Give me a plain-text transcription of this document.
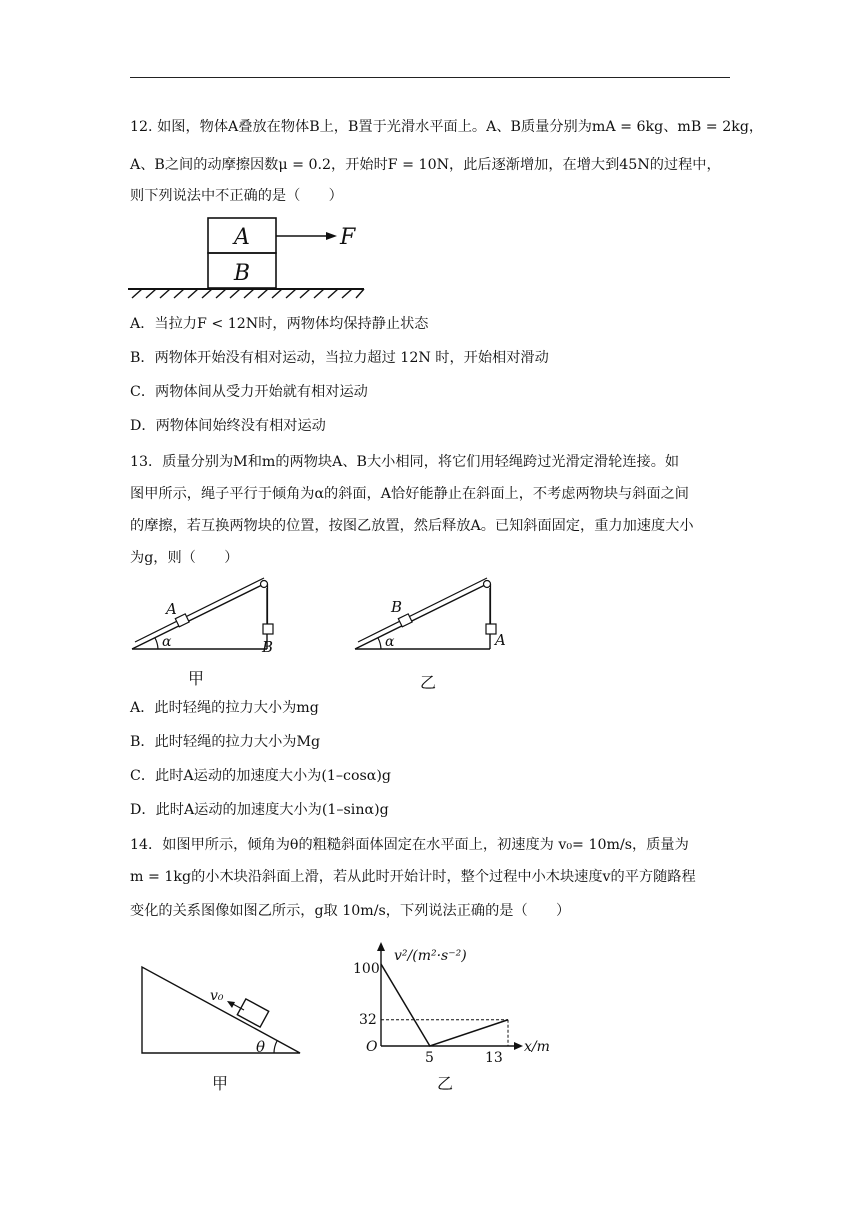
12. 如图，物体A叠放在物体B上，B置于光滑水平面上。A、B质量分别为mA = 6kg、mB = 2kg，
A、B之间的动摩擦因数μ = 0.2，开始时F = 10N，此后逐渐增加，在增大到45N的过程中，
则下列说法中不正确的是（　　）
A
B
F
A．当拉力F < 12N时，两物体均保持静止状态
B．两物体开始没有相对运动，当拉力超过 12N 时，开始相对滑动
C．两物体间从受力开始就有相对运动
D．两物体间始终没有相对运动
13．质量分别为M和m的两物块A、B大小相同，将它们用轻绳跨过光滑定滑轮连接。如
图甲所示，绳子平行于倾角为α的斜面，A恰好能静止在斜面上，不考虑两物块与斜面之间
的摩擦，若互换两物块的位置，按图乙放置，然后释放A。已知斜面固定，重力加速度大小
为g，则（　　）
A
B
α
甲
B
A
α
乙
A．此时轻绳的拉力大小为mg
B．此时轻绳的拉力大小为Mg
C．此时A运动的加速度大小为(1–cosα)g
D．此时A运动的加速度大小为(1–sinα)g
14．如图甲所示，倾角为θ的粗糙斜面体固定在水平面上，初速度为 v₀= 10m/s，质量为
m = 1kg的小木块沿斜面上滑，若从此时开始计时，整个过程中小木块速度v的平方随路程
变化的关系图像如图乙所示，g取 10m/s，下列说法正确的是（　　）
v₀
θ
甲
v²/(m²·s⁻²)
x/m
O
100
32
5	13
乙
